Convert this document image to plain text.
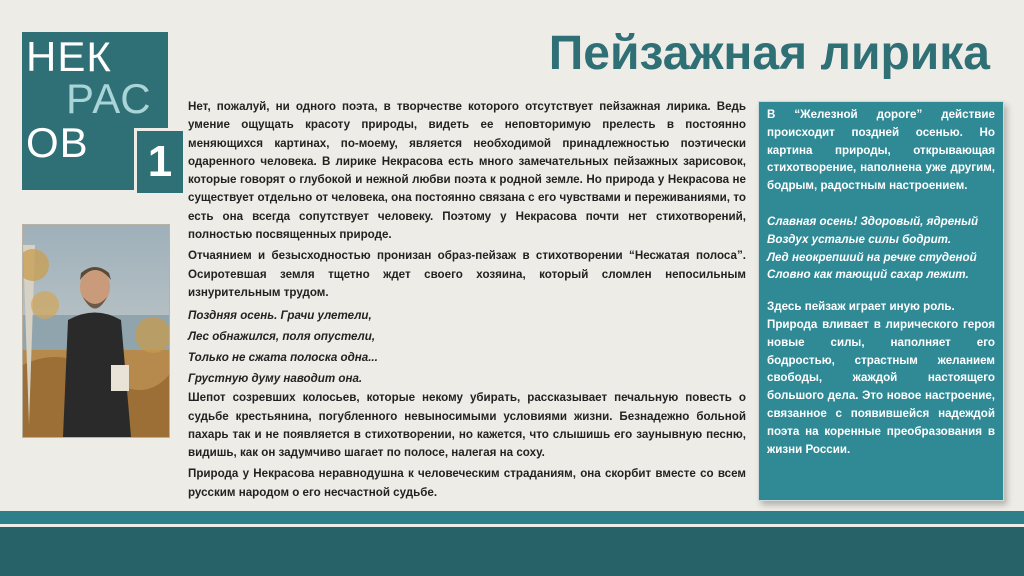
НЕК
РАС
ОВ	1
Пейзажная лирика

Нет, пожалуй, ни одного поэта, в творчестве которого отсутствует пейзажная лирика. Ведь умение ощущать красоту природы, видеть ее неповторимую прелесть в постоянно меняющихся картинах, по-моему, является необходимой принадлежностью поэтически одаренного человека. В лирике Некрасова есть много замечательных пейзажных зарисовок, которые говорят о глубокой и нежной любви поэта к родной земле. Но природа у Некрасова не существует отдельно от человека, она постоянно связана с его чувствами и переживаниями, то есть она всегда сопутствует человеку. Поэтому у Некрасова почти нет стихотворений, полностью посвященных природе.

Отчаянием и безысходностью пронизан образ-пейзаж в стихотворении “Несжатая полоса”. Осиротевшая земля тщетно ждет своего хозяина, который сломлен непосильным изнурительным трудом.

Поздняя осень. Грачи улетели,

Лес обнажился, поля опустели,

Только не сжата полоска одна...

Грустную думу наводит она.

Шепот созревших колосьев, которые некому убирать, рассказывает печальную повесть о судьбе крестьянина, погубленного невыносимыми условиями жизни. Безнадежно больной пахарь так и не появляется в стихотворении, но кажется, что слышишь его заунывную песню, видишь, как он задумчиво шагает по полосе, налегая на соху.

Природа у Некрасова неравнодушна к человеческим страданиям, она скорбит вместе со всем русским народом о его несчастной судьбе.

В “Железной дороге” действие происходит поздней осенью. Но картина природы, открывающая стихотворение, наполнена уже другим, бодрым, радостным настроением.

Славная осень! Здоровый, ядреный

Воздух усталые силы бодрит.

Лед неокрепший на речке студеной

Словно как тающий сахар лежит.

Здесь пейзаж играет иную роль.

Природа вливает в лирического героя новые силы, наполняет его бодростью, страстным желанием свободы, жаждой настоящего большого дела. Это новое настроение, связанное с появившейся надеждой поэта на коренные преобразования в жизни России.
